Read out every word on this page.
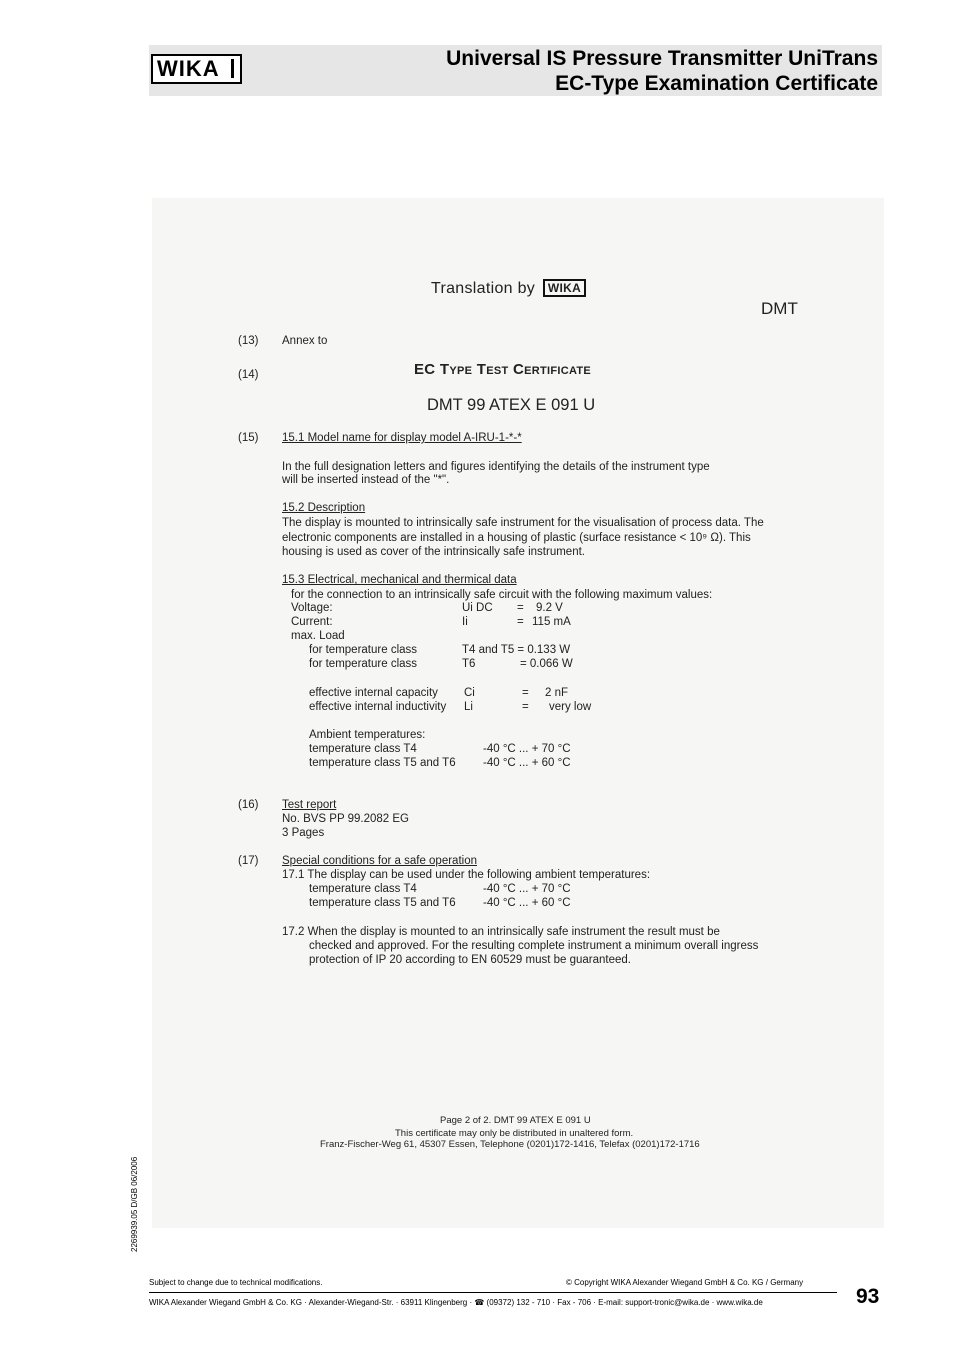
WIKA	Universal IS Pressure Transmitter UniTrans
EC-Type Examination Certificate
Translation by WIKA
DMT
(13) Annex to
(14)	EC Type Test Certificate
DMT 99 ATEX E 091 U
(15) 15.1 Model name for display model A-IRU-1-*-*
In the full designation letters and figures identifying the details of the instrument type
will be inserted instead of the "*".
15.2 Description
The display is mounted to intrinsically safe instrument for the visualisation of process data. The
electronic components are installed in a housing of plastic (surface resistance < 10⁹ Ω). This
housing is used as cover of the intrinsically safe instrument.
15.3 Electrical, mechanical and thermical data
for the connection to an intrinsically safe circuit with the following maximum values:
Voltage:	Ui DC = 9.2 V
Current:	Ii	= 115 mA
max. Load
for temperature class	T4 and T5 = 0.133 W
for temperature class	T6	= 0.066 W
effective internal capacity Ci	= 2 nF
effective internal inductivity Li	= very low
Ambient temperatures:
temperature class T4	-40 °C ... + 70 °C
temperature class T5 and T6 -40 °C ... + 60 °C
(16) Test report
No. BVS PP 99.2082 EG
3 Pages
(17) Special conditions for a safe operation
17.1 The display can be used under the following ambient temperatures:
temperature class T4	-40 °C ... + 70 °C
temperature class T5 and T6 -40 °C ... + 60 °C
17.2 When the display is mounted to an intrinsically safe instrument the result must be
checked and approved. For the resulting complete instrument a minimum overall ingress
protection of IP 20 according to EN 60529 must be guaranteed.
Page 2 of 2. DMT 99 ATEX E 091 U
This certificate may only be distributed in unaltered form.
Franz-Fischer-Weg 61, 45307 Essen, Telephone (0201)172-1416, Telefax (0201)172-1716
2269939.05 D/GB 06/2006
Subject to change due to technical modifications.	© Copyright WIKA Alexander Wiegand GmbH & Co. KG / Germany
WIKA Alexander Wiegand GmbH & Co. KG · Alexander-Wiegand-Str. · 63911 Klingenberg · ☎ (09372) 132 - 710 · Fax - 706 · E-mail: support-tronic@wika.de · www.wika.de	93
